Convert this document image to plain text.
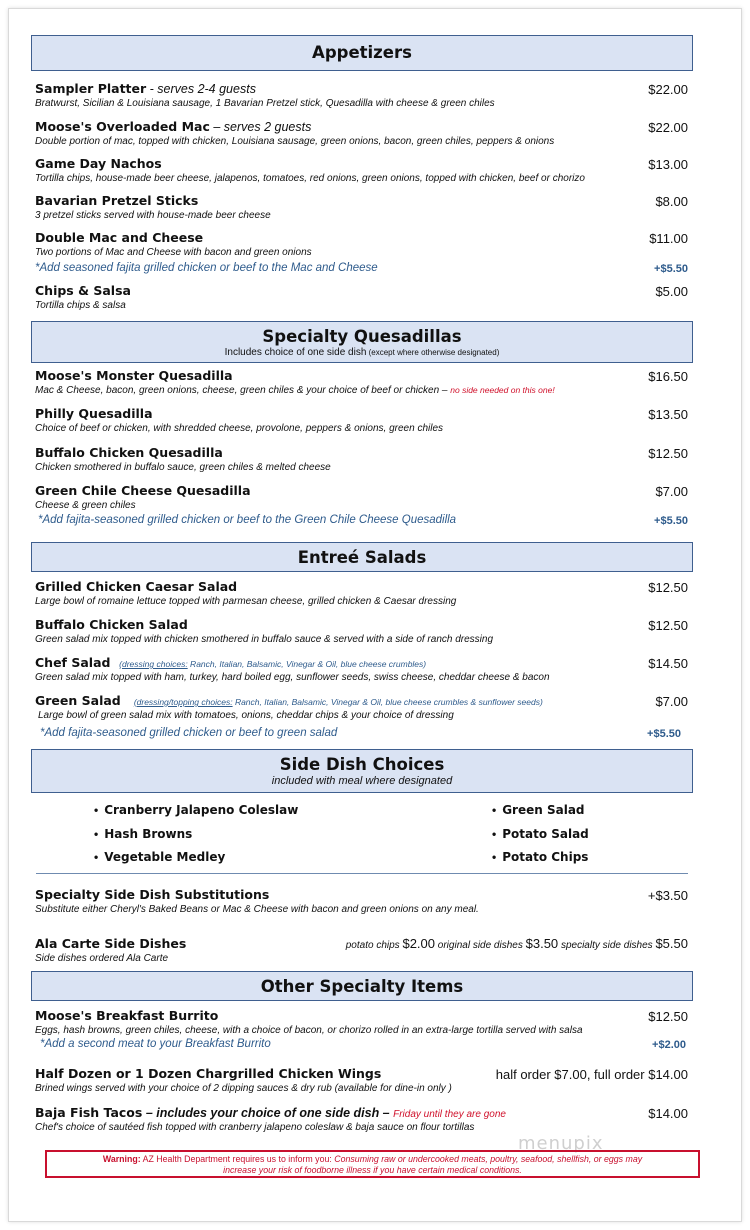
Appetizers
Sampler Platter - serves 2-4 guests
Bratwurst, Sicilian & Louisiana sausage, 1 Bavarian Pretzel stick, Quesadilla with cheese & green chiles
$22.00
Moose's Overloaded Mac – serves 2 guests
Double portion of mac, topped with chicken, Louisiana sausage, green onions, bacon, green chiles, peppers & onions
$22.00
Game Day Nachos
Tortilla chips, house-made beer cheese, jalapenos, tomatoes, red onions, green onions, topped with chicken, beef or chorizo
$13.00
Bavarian Pretzel Sticks
3 pretzel sticks served with house-made beer cheese
$8.00
Double Mac and Cheese
Two portions of Mac and Cheese with bacon and green onions
$11.00
*Add seasoned fajita grilled chicken or beef to the Mac and Cheese	+$5.50
Chips & Salsa
Tortilla chips & salsa
$5.00
Specialty Quesadillas
Includes choice of one side dish (except where otherwise designated)
Moose's Monster Quesadilla
Mac & Cheese, bacon, green onions, cheese, green chiles & your choice of beef or chicken – no side needed on this one!
$16.50
Philly Quesadilla
Choice of beef or chicken, with shredded cheese, provolone, peppers & onions, green chiles
$13.50
Buffalo Chicken Quesadilla
Chicken smothered in buffalo sauce, green chiles & melted cheese
$12.50
Green Chile Cheese Quesadilla
Cheese & green chiles
$7.00
*Add fajita-seasoned grilled chicken or beef to the Green Chile Cheese Quesadilla	+$5.50
Entreé Salads
Grilled Chicken Caesar Salad
Large bowl of romaine lettuce topped with parmesan cheese, grilled chicken & Caesar dressing
$12.50
Buffalo Chicken Salad
Green salad mix topped with chicken smothered in buffalo sauce & served with a side of ranch dressing
$12.50
Chef Salad (dressing choices: Ranch, Italian, Balsamic, Vinegar & Oil, blue cheese crumbles)
Green salad mix topped with ham, turkey, hard boiled egg, sunflower seeds, swiss cheese, cheddar cheese & bacon
$14.50
Green Salad (dressing/topping choices: Ranch, Italian, Balsamic, Vinegar & Oil, blue cheese crumbles & sunflower seeds)
Large bowl of green salad mix with tomatoes, onions, cheddar chips & your choice of dressing
$7.00
*Add fajita-seasoned grilled chicken or beef to green salad	+$5.50
Side Dish Choices
included with meal where designated
• Cranberry Jalapeno Coleslaw
• Hash Browns
• Vegetable Medley
• Green Salad
• Potato Salad
• Potato Chips
Specialty Side Dish Substitutions
Substitute either Cheryl's Baked Beans or Mac & Cheese with bacon and green onions on any meal.
+$3.50
Ala Carte Side Dishes
Side dishes ordered Ala Carte
potato chips $2.00 original side dishes $3.50 specialty side dishes $5.50
Other Specialty Items
Moose's Breakfast Burrito
Eggs, hash browns, green chiles, cheese, with a choice of bacon, or chorizo rolled in an extra-large tortilla served with salsa
$12.50
*Add a second meat to your Breakfast Burrito	+$2.00
Half Dozen or 1 Dozen Chargrilled Chicken Wings
Brined wings served with your choice of 2 dipping sauces & dry rub (available for dine-in only )
half order $7.00, full order $14.00
Baja Fish Tacos – includes your choice of one side dish – Friday until they are gone
Chef's choice of sautéed fish topped with cranberry jalapeno coleslaw & baja sauce on flour tortillas
$14.00
menupix
Warning: AZ Health Department requires us to inform you: Consuming raw or undercooked meats, poultry, seafood, shellfish, or eggs may
increase your risk of foodborne illness if you have certain medical conditions.
